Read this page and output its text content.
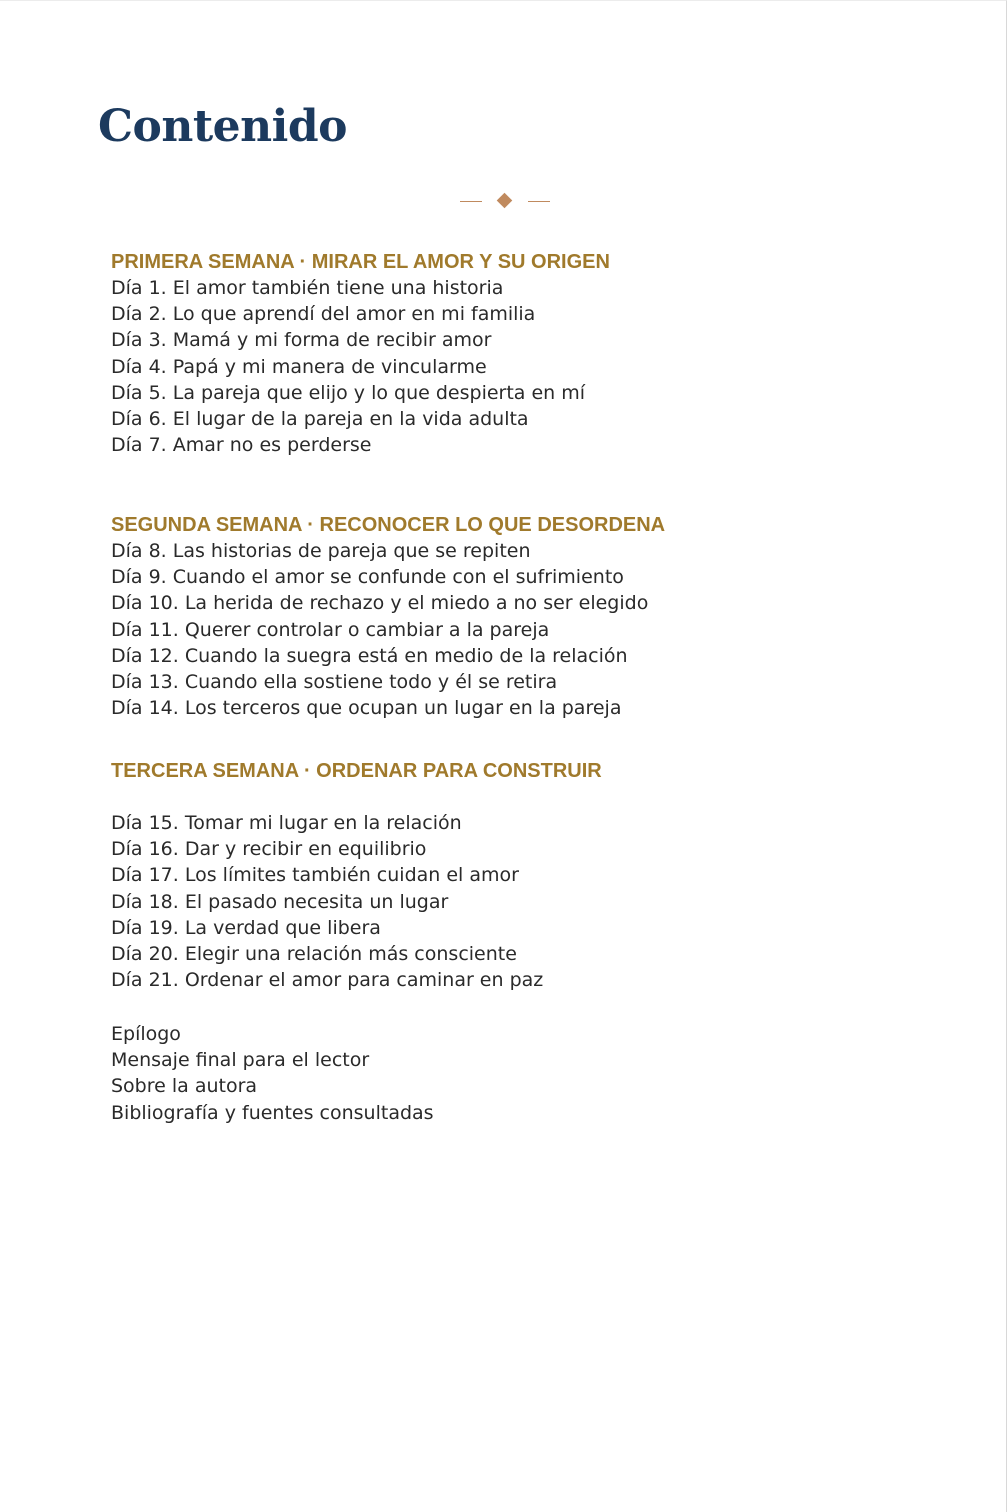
Contenido
PRIMERA SEMANA · MIRAR EL AMOR Y SU ORIGEN
Día 1. El amor también tiene una historia
Día 2. Lo que aprendí del amor en mi familia
Día 3. Mamá y mi forma de recibir amor
Día 4. Papá y mi manera de vincularme
Día 5. La pareja que elijo y lo que despierta en mí
Día 6. El lugar de la pareja en la vida adulta
Día 7. Amar no es perderse
SEGUNDA SEMANA · RECONOCER LO QUE DESORDENA
Día 8. Las historias de pareja que se repiten
Día 9. Cuando el amor se confunde con el sufrimiento
Día 10. La herida de rechazo y el miedo a no ser elegido
Día 11. Querer controlar o cambiar a la pareja
Día 12. Cuando la suegra está en medio de la relación
Día 13. Cuando ella sostiene todo y él se retira
Día 14. Los terceros que ocupan un lugar en la pareja
TERCERA SEMANA · ORDENAR PARA CONSTRUIR
Día 15. Tomar mi lugar en la relación
Día 16. Dar y recibir en equilibrio
Día 17. Los límites también cuidan el amor
Día 18. El pasado necesita un lugar
Día 19. La verdad que libera
Día 20. Elegir una relación más consciente
Día 21. Ordenar el amor para caminar en paz
Epílogo
Mensaje final para el lector
Sobre la autora
Bibliografía y fuentes consultadas
